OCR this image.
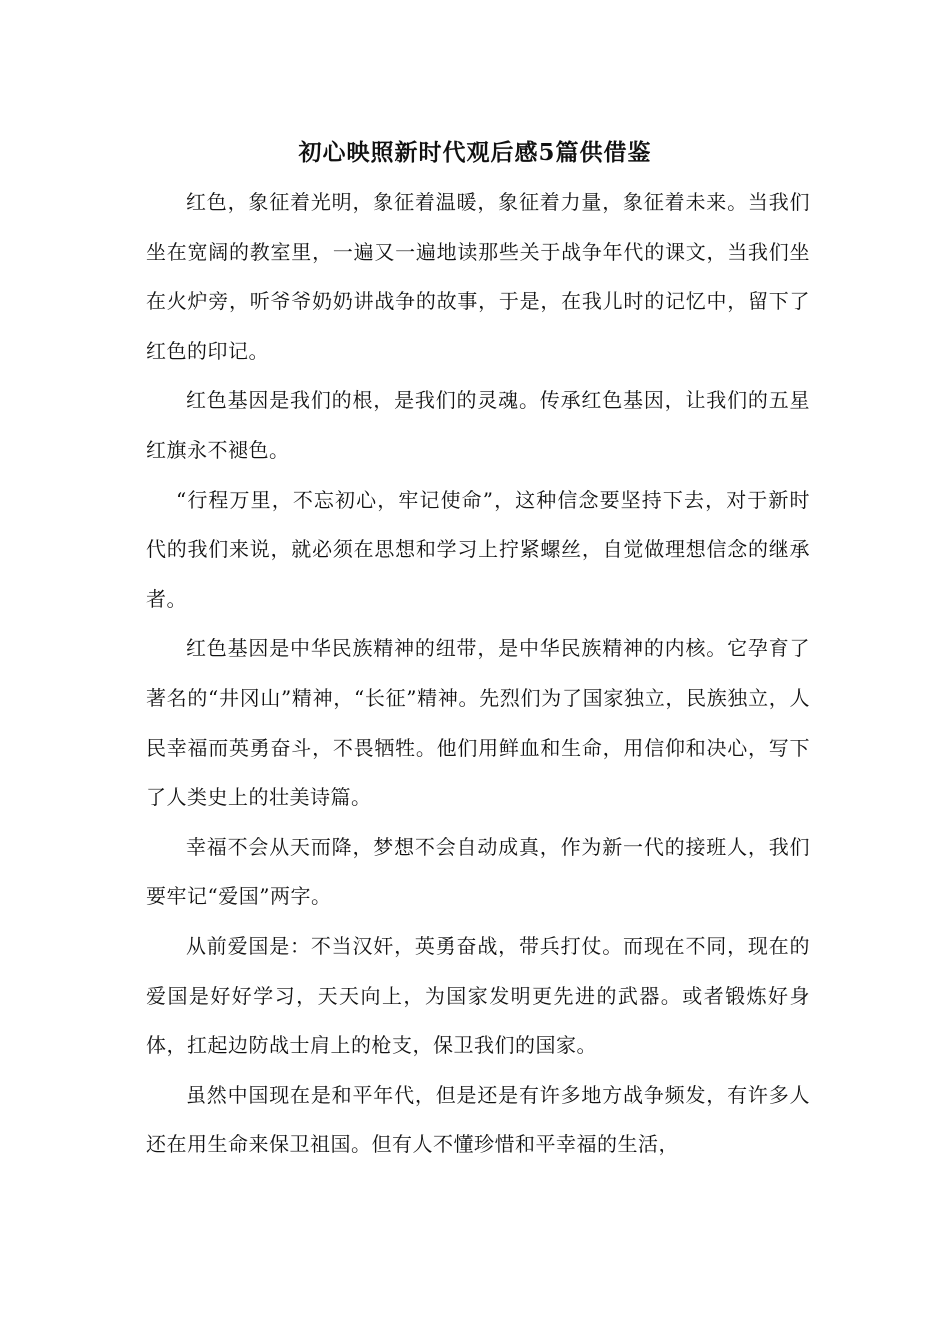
初心映照新时代观后感5篇供借鉴

红色，象征着光明，象征着温暖，象征着力量，象征着未来。当我们坐在宽阔的教室里，一遍又一遍地读那些关于战争年代的课文，当我们坐在火炉旁，听爷爷奶奶讲战争的故事，于是，在我儿时的记忆中，留下了红色的印记。

红色基因是我们的根，是我们的灵魂。传承红色基因，让我们的五星红旗永不褪色。

“行程万里，不忘初心，牢记使命”，这种信念要坚持下去，对于新时代的我们来说，就必须在思想和学习上拧紧螺丝，自觉做理想信念的继承者。

红色基因是中华民族精神的纽带，是中华民族精神的内核。它孕育了著名的“井冈山”精神，“长征”精神。先烈们为了国家独立，民族独立，人民幸福而英勇奋斗，不畏牺牲。他们用鲜血和生命，用信仰和决心，写下了人类史上的壮美诗篇。

幸福不会从天而降，梦想不会自动成真，作为新一代的接班人，我们要牢记“爱国”两字。

从前爱国是：不当汉奸，英勇奋战，带兵打仗。而现在不同，现在的爱国是好好学习，天天向上，为国家发明更先进的武器。或者锻炼好身体，扛起边防战士肩上的枪支，保卫我们的国家。

虽然中国现在是和平年代，但是还是有许多地方战争频发，有许多人还在用生命来保卫祖国。但有人不懂珍惜和平幸福的生活，
